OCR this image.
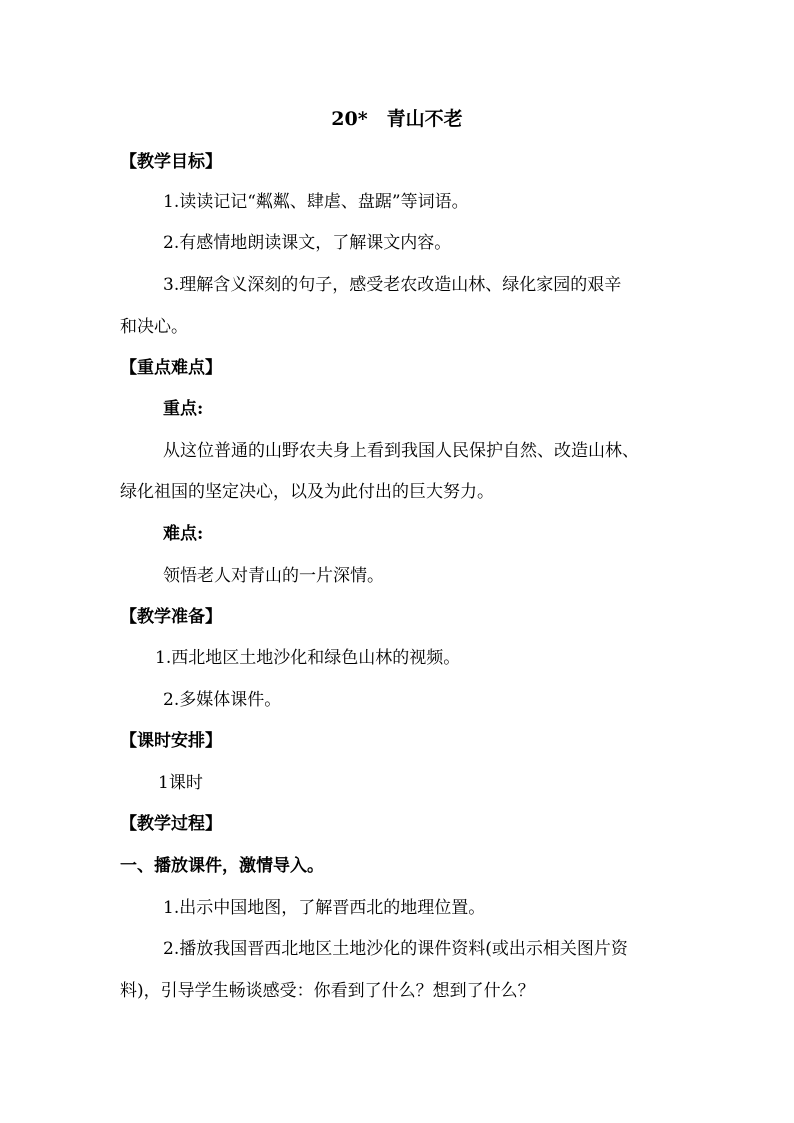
20*　青山不老
【教学目标】
1.读读记记“粼粼、肆虐、盘踞”等词语。
2.有感情地朗读课文，了解课文内容。
3.理解含义深刻的句子，感受老农改造山林、绿化家园的艰辛
和决心。
【重点难点】
重点:
从这位普通的山野农夫身上看到我国人民保护自然、改造山林、
绿化祖国的坚定决心，以及为此付出的巨大努力。
难点:
领悟老人对青山的一片深情。
【教学准备】
1.西北地区土地沙化和绿色山林的视频。
2.多媒体课件。
【课时安排】
1课时
【教学过程】
一、播放课件，激情导入。
1.出示中国地图，了解晋西北的地理位置。
2.播放我国晋西北地区土地沙化的课件资料(或出示相关图片资
料)，引导学生畅谈感受：你看到了什么？想到了什么？
